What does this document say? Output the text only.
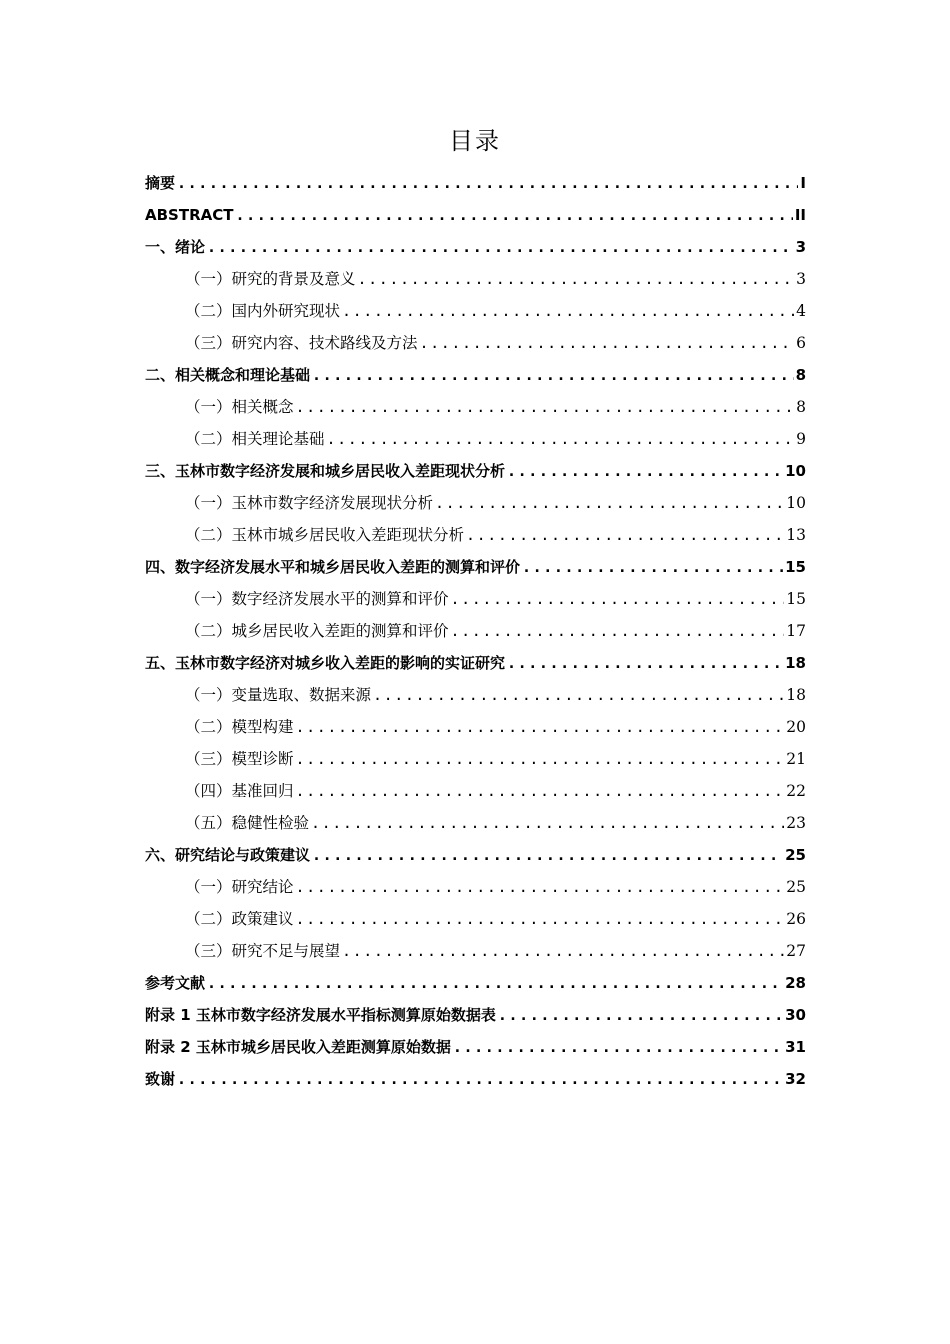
目录
摘要 .....	I
ABSTRACT .....	II
一、绪论 .....	3
（一）研究的背景及意义 .....	3
（二）国内外研究现状 .....	4
（三）研究内容、技术路线及方法 .....	6
二、相关概念和理论基础 .....	8
（一）相关概念 .....	8
（二）相关理论基础 .....	9
三、玉林市数字经济发展和城乡居民收入差距现状分析 .....	10
（一）玉林市数字经济发展现状分析 .....	10
（二）玉林市城乡居民收入差距现状分析 .....	13
四、数字经济发展水平和城乡居民收入差距的测算和评价 .....	15
（一）数字经济发展水平的测算和评价 .....	15
（二）城乡居民收入差距的测算和评价 .....	17
五、玉林市数字经济对城乡收入差距的影响的实证研究 .....	18
（一）变量选取、数据来源 .....	18
（二）模型构建 .....	20
（三）模型诊断 .....	21
（四）基准回归 .....	22
（五）稳健性检验 .....	23
六、研究结论与政策建议 .....	25
（一）研究结论 .....	25
（二）政策建议 .....	26
（三）研究不足与展望 .....	27
参考文献 .....	28
附录 1 玉林市数字经济发展水平指标测算原始数据表 .....	30
附录 2 玉林市城乡居民收入差距测算原始数据 .....	31
致谢 .....	32
